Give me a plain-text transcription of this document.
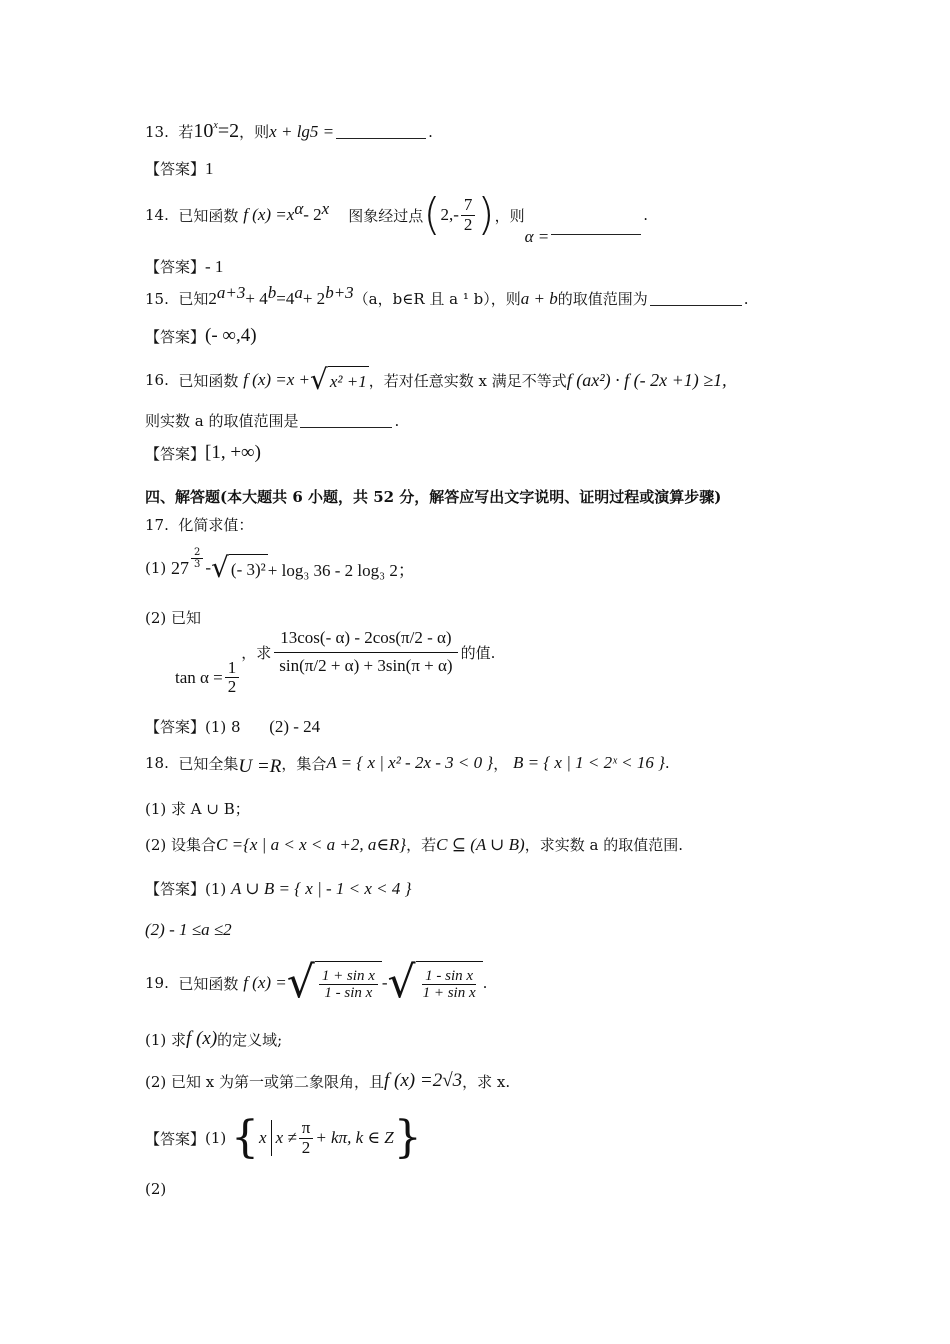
13.
若 $10^x =2$ ，则 x + lg5 =	.
【答案】 1
14.
已知函数
f $(x) =x^\alpha - 2^x$
图象经过点 ( $2,- \frac{7}{2}$ ) ，则
α =
.
【答案】 - 1
15.
已知 $2^{a+3} + 4^b =4^a + 2^{b+3}$ （a，b∈R 且 a ¹ b），则 a + b 的取值范围为	.
【答案】 (- ∞,4)
16.
已知函数
f (x) =x + √ x² +1 ，若对任意实数 x 满足不等式 f (ax²) · f (- 2x +1) ≥1,
则实数 a 的取值范围是	.
【答案】 [1, +∞)
四、解答题(本大题共 6 小题，共 52 分，解答应写出文字说明、证明过程或演算步骤)
17.
化简求值：
(1)
$27 \frac{2}{3}$ - √ (- 3)² + log₃ 36 - 2 log₃ 2；
(2) 已知
$\tan \alpha = \frac{1}{2}$
，求 $\frac{13\cos(- \alpha) - 2\cos(\pi/2 - \alpha)}{\sin(\pi/2 + \alpha) + 3\sin(\pi + \alpha)}$ 的值.
【答案】 (1) 8
(2) - 24
18.
已知全集 U =R ，集合 A = { x | x² - 2x - 3 < 0 } ，
B = { x | 1 < 2ˣ < 16 } .
(1) 求 A ∪ B；
(2) 设集合 C ={x | a < x < a +2, a∈R} ，若 C ⊆ (A ∪ B) ，求实数 a 的取值范围.
【答案】 (1)
A ∪ B = { x | - 1 < x < 4 }
(2) - 1 ≤a ≤2
19.
已知函数
f (x) = √ $\frac{\text{1 + sin x}}{\text{1 - sin x}}$ - √ $\frac{\text{1 - sin x}}{\text{1 + sin x}}$ .
(1) 求 f (x) 的定义域;
(2) 已知 x 为第一或第二象限角，且 f (x) =2√3 ，求 x.
【答案】 (1)
{ x $x \ne \frac{\pi}{2} + k\pi$, k ∈ Z }
(2)
